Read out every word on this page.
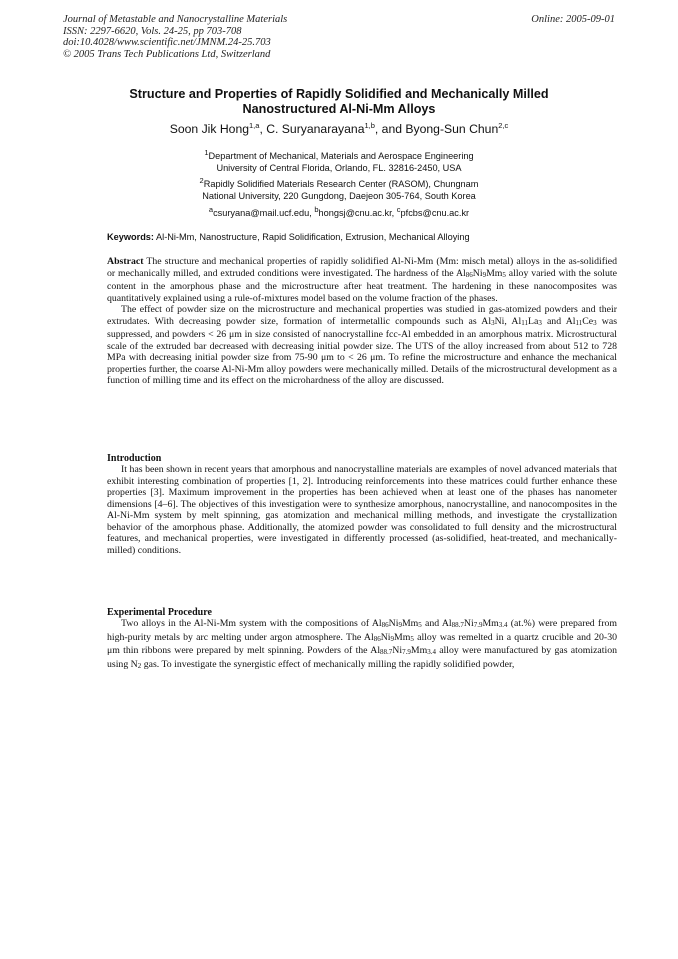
Journal of Metastable and Nanocrystalline Materials
ISSN: 2297-6620, Vols. 24-25, pp 703-708
doi:10.4028/www.scientific.net/JMNM.24-25.703
© 2005 Trans Tech Publications Ltd, Switzerland
Online: 2005-09-01
Structure and Properties of Rapidly Solidified and Mechanically Milled
Nanostructured Al-Ni-Mm Alloys
Soon Jik Hong$^{1,a}$, C. Suryanarayana$^{1,b}$, and Byong-Sun Chun$^{2,c}$
$^1$Department of Mechanical, Materials and Aerospace Engineering
University of Central Florida, Orlando, FL. 32816-2450, USA
$^2$Rapidly Solidified Materials Research Center (RASOM), Chungnam
National University, 220 Gungdong, Daejeon 305-764, South Korea
$^a$csuryana@mail.ucf.edu, $^b$hongsj@cnu.ac.kr, $^c$pfcbs@cnu.ac.kr
Keywords: Al-Ni-Mm, Nanostructure, Rapid Solidification, Extrusion, Mechanical Alloying

Abstract The structure and mechanical properties of rapidly solidified Al-Ni-Mm (Mm: misch metal) alloys in the as-solidified or mechanically milled, and extruded conditions were investigated. The hardness of the Al86Ni9Mm5 alloy varied with the solute content in the amorphous phase and the microstructure after heat treatment. The hardening in these nanocomposites was quantitatively explained using a rule-of-mixtures model based on the volume fraction of the phases.

The effect of powder size on the microstructure and mechanical properties was studied in gas-atomized powders and their extrudates. With decreasing powder size, formation of intermetallic compounds such as Al3Ni, Al11La3 and Al11Ce3 was suppressed, and powders < 26 μm in size consisted of nanocrystalline fcc-Al embedded in an amorphous matrix. Microstructural scale of the extruded bar decreased with decreasing initial powder size. The UTS of the alloy increased from about 512 to 728 MPa with decreasing initial powder size from 75-90 μm to < 26 μm. To refine the microstructure and enhance the mechanical properties further, the coarse Al-Ni-Mm alloy powders were mechanically milled. Details of the microstructural development as a function of milling time and its effect on the microhardness of the alloy are discussed.

Introduction

It has been shown in recent years that amorphous and nanocrystalline materials are examples of novel advanced materials that exhibit interesting combination of properties [1, 2]. Introducing reinforcements into these matrices could further enhance these properties [3]. Maximum improvement in the properties has been achieved when at least one of the phases has nanometer dimensions [4–6]. The objectives of this investigation were to synthesize amorphous, nanocrystalline, and nanocomposites in the Al-Ni-Mm system by melt spinning, gas atomization and mechanical milling methods, and investigate the crystallization behavior of the amorphous phase. Additionally, the atomized powder was consolidated to full density and the microstructural features, and mechanical properties, were investigated in differently processed (as-solidified, heat-treated, and mechanically-milled) conditions.

Experimental Procedure

Two alloys in the Al-Ni-Mm system with the compositions of Al86Ni9Mm5 and Al88.7Ni7.9Mm3.4 (at.%) were prepared from high-purity metals by arc melting under argon atmosphere. The Al86Ni9Mm5 alloy was remelted in a quartz crucible and 20-30 μm thin ribbons were prepared by melt spinning. Powders of the Al88.7Ni7.9Mm3.4 alloy were manufactured by gas atomization using N2 gas. To investigate the synergistic effect of mechanically milling the rapidly solidified powder,
